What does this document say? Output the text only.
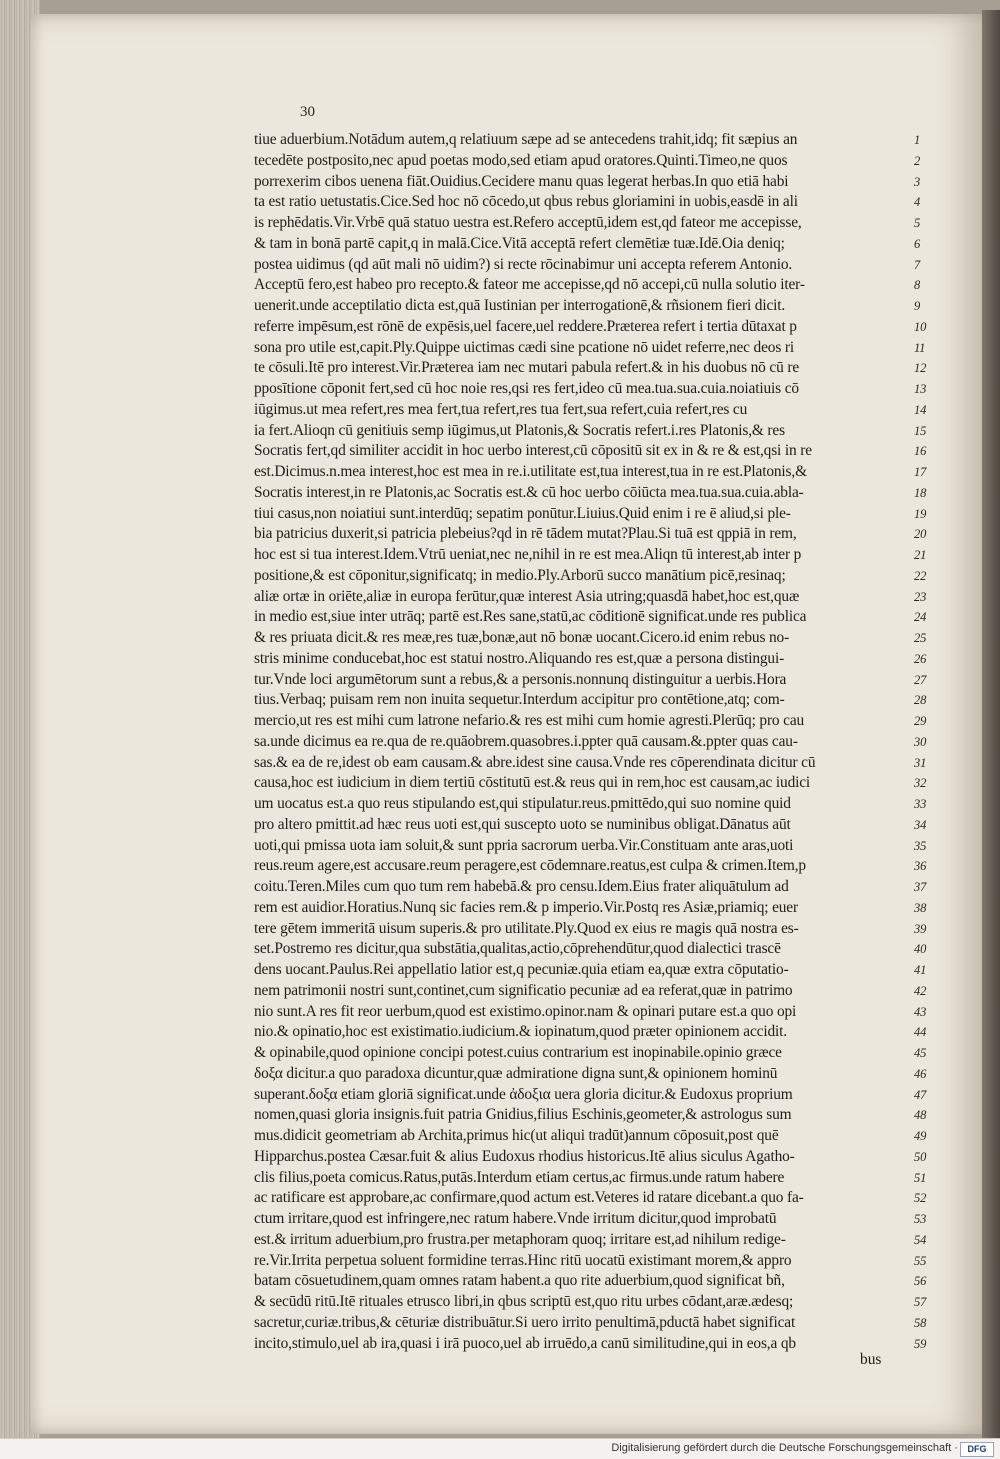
30
tiue aduerbium.Notādum autem,q relatiuum sæpe ad se antecedens trahit,idq; fit sæpius an	1
tecedēte postposito,nec apud poetas modo,sed etiam apud oratores.Quinti.Timeo,ne quos	2
porrexerim cibos uenena fiāt.Ouidius.Cecidere manu quas legerat herbas.In quo etiā habi	3
ta est ratio uetustatis.Cice.Sed hoc nō cōcedo,ut qbus rebus gloriamini in uobis,easdē in ali	4
is rephēdatis.Vir.Vrbē quā statuo uestra est.Refero acceptū,idem est,qd fateor me accepisse,	5
& tam in bonā partē capit,q in malā.Cice.Vitā acceptā refert clemētiæ tuæ.Idē.Oia deniq;	6
postea uidimus (qd aūt mali nō uidim?) si recte rōcinabimur uni accepta referem Antonio.	7
Acceptū fero,est habeo pro recepto.& fateor me accepisse,qd nō accepi,cū nulla solutio iter-	8
uenerit.unde acceptilatio dicta est,quā Iustinian per interrogationē,& rñsionem fieri dicit.	9
referre impēsum,est rōnē de expēsis,uel facere,uel reddere.Præterea refert i tertia dūtaxat p	10
sona pro utile est,capit.Ply.Quippe uictimas cædi sine pcatione nō uidet referre,nec deos ri	11
te cōsuli.Itē pro interest.Vir.Præterea iam nec mutari pabula refert.& in his duobus nō cū re	12
pposītione cōponit fert,sed cū hoc noie res,qsi res fert,ideo cū mea.tua.sua.cuia.noiatiuis cō	13
iūgimus.ut mea refert,res mea fert,tua refert,res tua fert,sua refert,cuia refert,res cu	14
ia fert.Alioqn cū genitiuis semp iūgimus,ut Platonis,& Socratis refert.i.res Platonis,& res	15
Socratis fert,qd similiter accidit in hoc uerbo interest,cū cōpositū sit ex in & re & est,qsi in re	16
est.Dicimus.n.mea interest,hoc est mea in re.i.utilitate est,tua interest,tua in re est.Platonis,&	17
Socratis interest,in re Platonis,ac Socratis est.& cū hoc uerbo cōiūcta mea.tua.sua.cuia.abla-	18
tiui casus,non noiatiui sunt.interdūq; sepatim ponūtur.Liuius.Quid enim i re ē aliud,si ple-	19
bia patricius duxerit,si patricia plebeius?qd in rē tādem mutat?Plau.Si tuā est qppiā in rem,	20
hoc est si tua interest.Idem.Vtrū ueniat,nec ne,nihil in re est mea.Aliqn tū interest,ab inter p	21
positione,& est cōponitur,significatq; in medio.Ply.Arborū succo manātium picē,resinaq;	22
aliæ ortæ in oriēte,aliæ in europa ferūtur,quæ interest Asia utring;quasdā habet,hoc est,quæ	23
in medio est,siue inter utrāq; partē est.Res sane,statū,ac cōditionē significat.unde res publica	24
& res priuata dicit.& res meæ,res tuæ,bonæ,aut nō bonæ uocant.Cicero.id enim rebus no-	25
stris minime conducebat,hoc est statui nostro.Aliquando res est,quæ a persona distingui-	26
tur.Vnde loci argumētorum sunt a rebus,& a personis.nonnunq distinguitur a uerbis.Hora	27
tius.Verbaq; puisam rem non inuita sequetur.Interdum accipitur pro contētione,atq; com-	28
mercio,ut res est mihi cum latrone nefario.& res est mihi cum homie agresti.Plerūq; pro cau	29
sa.unde dicimus ea re.qua de re.quāobrem.quasobres.i.ppter quā causam.&.ppter quas cau-	30
sas.& ea de re,idest ob eam causam.& abre.idest sine causa.Vnde res cōperendinata dicitur cū	31
causa,hoc est iudicium in diem tertiū cōstitutū est.& reus qui in rem,hoc est causam,ac iudici	32
um uocatus est.a quo reus stipulando est,qui stipulatur.reus.pmittēdo,qui suo nomine quid	33
pro altero pmittit.ad hæc reus uoti est,qui suscepto uoto se numinibus obligat.Dānatus aūt	34
uoti,qui pmissa uota iam soluit,& sunt ppria sacrorum uerba.Vir.Constituam ante aras,uoti	35
reus.reum agere,est accusare.reum peragere,est cōdemnare.reatus,est culpa & crimen.Item,p	36
coitu.Teren.Miles cum quo tum rem habebā.& pro censu.Idem.Eius frater aliquātulum ad	37
rem est auidior.Horatius.Nunq sic facies rem.& p imperio.Vir.Postq res Asiæ,priamiq; euer	38
tere gētem immeritā uisum superis.& pro utilitate.Ply.Quod ex eius re magis quā nostra es-	39
set.Postremo res dicitur,qua substātia,qualitas,actio,cōprehendūtur,quod dialectici trascē	40
dens uocant.Paulus.Rei appellatio latior est,q pecuniæ.quia etiam ea,quæ extra cōputatio-	41
nem patrimonii nostri sunt,continet,cum significatio pecuniæ ad ea referat,quæ in patrimo	42
nio sunt.A res fit reor uerbum,quod est existimo.opinor.nam & opinari putare est.a quo opi	43
nio.& opinatio,hoc est existimatio.iudicium.& iopinatum,quod præter opinionem accidit.	44
& opinabile,quod opinione concipi potest.cuius contrarium est inopinabile.opinio græce	45
δοξα dicitur.a quo paradoxa dicuntur,quæ admiratione digna sunt,& opinionem hominū	46
superant.δοξα etiam gloriā significat.unde ἀδοξια uera gloria dicitur.& Eudoxus proprium	47
nomen,quasi gloria insignis.fuit patria Gnidius,filius Eschinis,geometer,& astrologus sum	48
mus.didicit geometriam ab Archita,primus hic(ut aliqui tradūt)annum cōposuit,post quē	49
Hipparchus.postea Cæsar.fuit & alius Eudoxus rhodius historicus.Itē alius siculus Agatho-	50
clis filius,poeta comicus.Ratus,putās.Interdum etiam certus,ac firmus.unde ratum habere	51
ac ratificare est approbare,ac confirmare,quod actum est.Veteres id ratare dicebant.a quo fa-	52
ctum irritare,quod est infringere,nec ratum habere.Vnde irritum dicitur,quod improbatū	53
est.& irritum aduerbium,pro frustra.per metaphoram quoq; irritare est,ad nihilum redige-	54
re.Vir.Irrita perpetua soluent formidine terras.Hinc ritū uocatū existimant morem,& appro	55
batam cōsuetudinem,quam omnes ratam habent.a quo rite aduerbium,quod significat bñ,	56
& secūdū ritū.Itē rituales etrusco libri,in qbus scriptū est,quo ritu urbes cōdant,aræ.ædesq;	57
sacretur,curiæ.tribus,& cēturiæ distribuātur.Si uero irrito penultimā,pductā habet significat	58
incito,stimulo,uel ab ira,quasi i irā puoco,uel ab irruēdo,a canū similitudine,qui in eos,a qb	59
bus
Digitalisierung gefördert durch die Deutsche Forschungsgemeinschaft ·	DFG
